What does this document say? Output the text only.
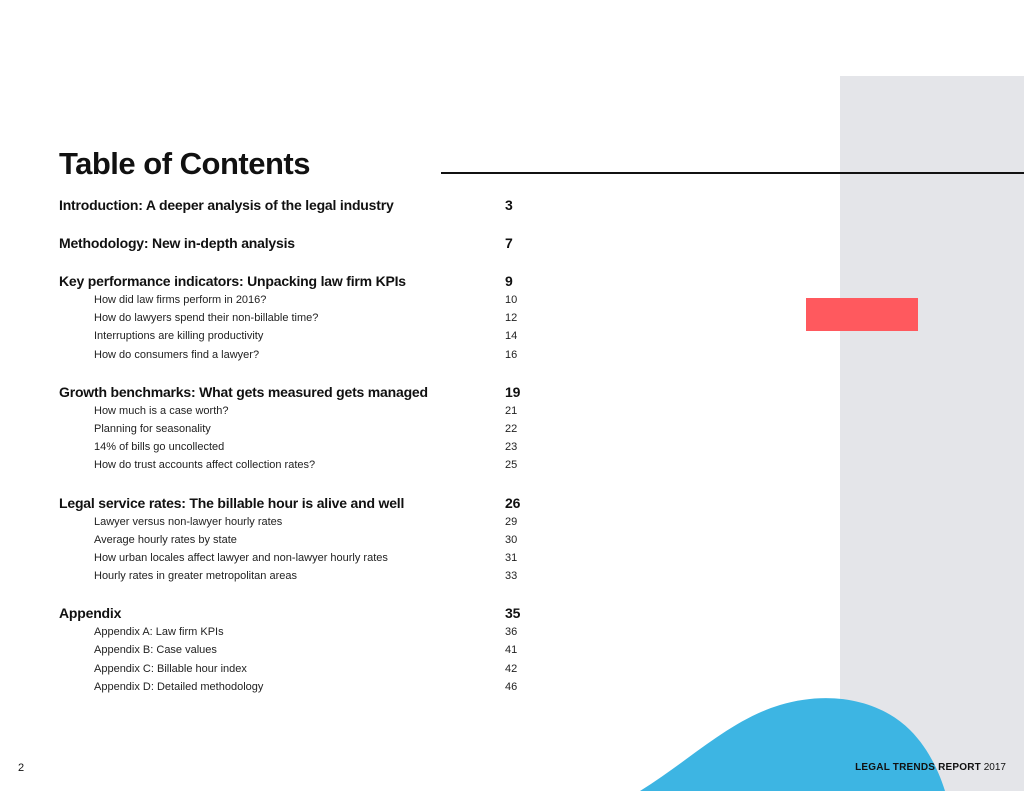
Table of Contents
Introduction: A deeper analysis of the legal industry	3
Methodology: New in-depth analysis	7
Key performance indicators: Unpacking law firm KPIs	9
How did law firms perform in 2016?	10
How do lawyers spend their non-billable time?	12
Interruptions are killing productivity	14
How do consumers find a lawyer?	16
Growth benchmarks: What gets measured gets managed	19
How much is a case worth?	21
Planning for seasonality	22
14% of bills go uncollected	23
How do trust accounts affect collection rates?	25
Legal service rates: The billable hour is alive and well	26
Lawyer versus non-lawyer hourly rates	29
Average hourly rates by state	30
How urban locales affect lawyer and non-lawyer hourly rates	31
Hourly rates in greater metropolitan areas	33
Appendix	35
Appendix A: Law firm KPIs	36
Appendix B: Case values	41
Appendix C: Billable hour index	42
Appendix D: Detailed methodology	46
2	LEGAL TRENDS REPORT 2017
